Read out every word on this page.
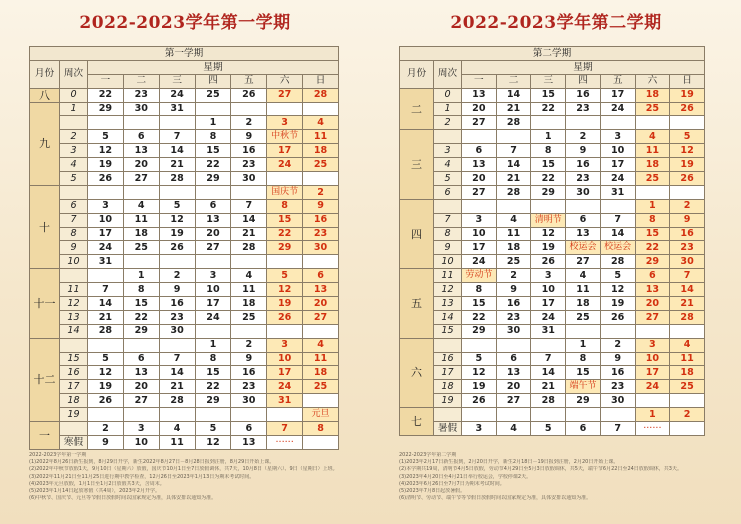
2022-2023学年第一学期	2022-2023学年第二学期
第一学期								
月份	周次	星期						
		一	二	三	四	五	六	日
八	0	22	23	24	25	26	27	28
九	1	29	30	31				
					1	2	3	4
	2	5	6	7	8	9	中秋节	11
	3	12	13	14	15	16	17	18
	4	19	20	21	22	23	24	25
	5	26	27	28	29	30		
十							国庆节	2
	6	3	4	5	6	7	8	9
	7	10	11	12	13	14	15	16
	8	17	18	19	20	21	22	23
	9	24	25	26	27	28	29	30
	10	31						
十一			1	2	3	4	5	6
	11	7	8	9	10	11	12	13
	12	14	15	16	17	18	19	20
	13	21	22	23	24	25	26	27
	14	28	29	30				
十二					1	2	3	4
	15	5	6	7	8	9	10	11
	16	12	13	14	15	16	17	18
	17	19	20	21	22	23	24	25
	18	26	27	28	29	30	31	
	19							元旦
一		2	3	4	5	6	7	8
	寒假	9	10	11	12	13	······	
第二学期								
月份	周次	星期						
		一	二	三	四	五	六	日
二	0	13	14	15	16	17	18	19
	1	20	21	22	23	24	25	26
	2	27	28					
三				1	2	3	4	5
	3	6	7	8	9	10	11	12
	4	13	14	15	16	17	18	19
	5	20	21	22	23	24	25	26
	6	27	28	29	30	31		
四							1	2
	7	3	4	清明节	6	7	8	9
	8	10	11	12	13	14	15	16
	9	17	18	19	校运会	校运会	22	23
	10	24	25	26	27	28	29	30
五	11	劳动节	2	3	4	5	6	7
	12	8	9	10	11	12	13	14
	13	15	16	17	18	19	20	21
	14	22	23	24	25	26	27	28
	15	29	30	31				
六					1	2	3	4
	16	5	6	7	8	9	10	11
	17	12	13	14	15	16	17	18
	18	19	20	21	端午节	23	24	25
	19	26	27	28	29	30		
七							1	2
	暑假	3	4	5	6	7	······	
2022-2023学年第一学期
(1)2022年8月26日新生报到，8月29日开学，新生2022年8月27日－8月28日报到注册，8月29日开始上课。
(2)2022年中秋节放假1天，9月10日（星期六）放假，国庆节10月1日至7日放假调休，共7天，10月8日（星期六）、9日（星期日）上班。
(3)2022年11月21日至11月25日进行期中教学检查，12月26日至2023年1月13日为期末考试时间。
(4)2023年元旦放假，1月1日至1月2日放假共3天，含周末。
(5)2023年1月14日起放寒假（共4周），2023年2月开学。
(6)中秋节、国庆节、元旦等节假日放假时间以国家规定为准，具体安排以通知为准。
2022-2023学年第二学期
(1)2023年2月17日新生报到，2月20日开学，新生2月18日－19日报到注册，2月20日开始上课。
(2)本学期共19周，清明节4月5日放假，劳动节4月29日至5月3日放假调休，共5天，端午节6月22日至24日放假调休，共3天。
(3)2023年4月20日至4月21日举行校运会，学校停课2天。
(4)2023年6月26日至7月7日为期末考试时间。
(5)2023年7月8日起放暑假。
(6)清明节、劳动节、端午节等节假日放假时间以国家规定为准，具体安排以通知为准。
